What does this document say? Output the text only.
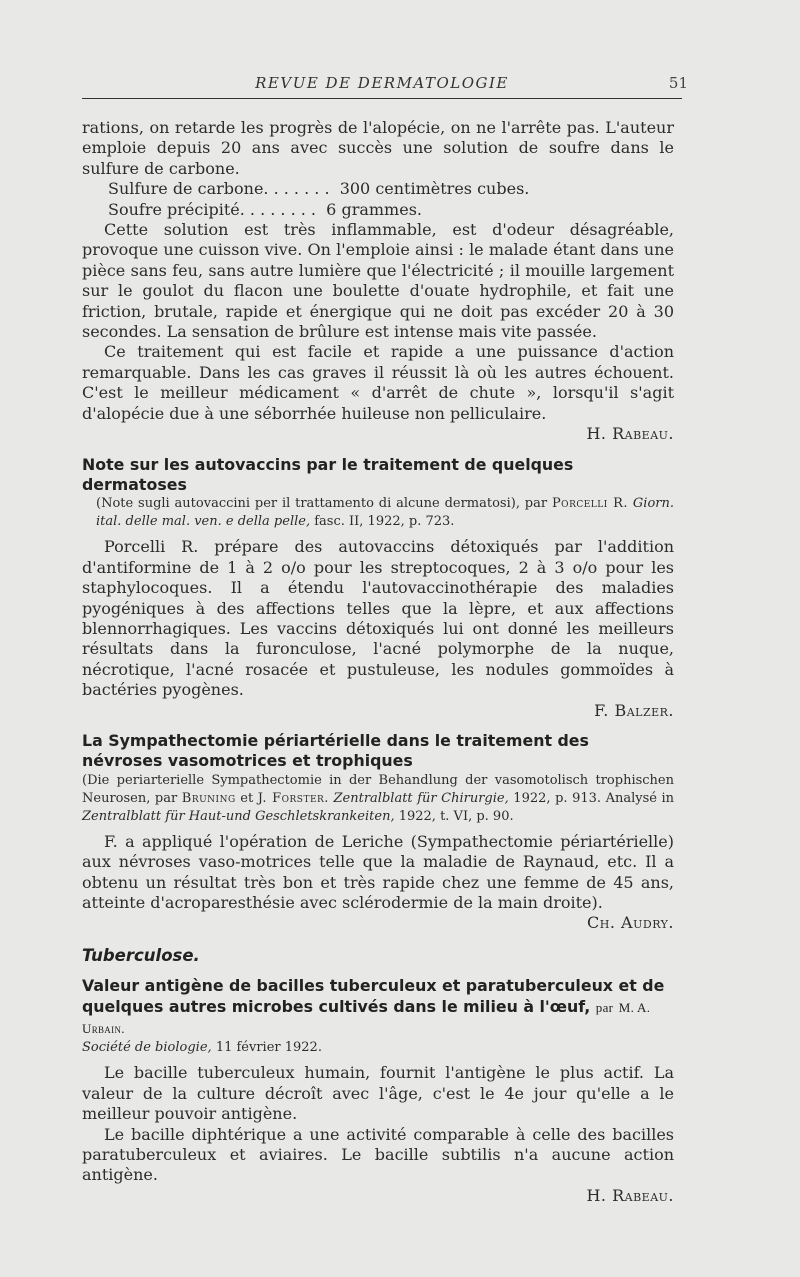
REVUE DE DERMATOLOGIE	51

rations, on retarde les progrès de l'alopécie, on ne l'arrête pas. L'auteur emploie depuis 20 ans avec succès une solution de soufre dans le sulfure de carbone.

Sulfure de carbone. . . . . . .  300 centimètres cubes.

Soufre précipité. . . . . . . .  6 grammes.

Cette solution est très inflammable, est d'odeur désagréable, provoque une cuisson vive. On l'emploie ainsi : le malade étant dans une pièce sans feu, sans autre lumière que l'électricité ; il mouille largement sur le goulot du flacon une boulette d'ouate hydrophile, et fait une friction, brutale, rapide et énergique qui ne doit pas excéder 20 à 30 secondes. La sensation de brûlure est intense mais vite passée.

Ce traitement qui est facile et rapide a une puissance d'action remarquable. Dans les cas graves il réussit là où les autres échouent. C'est le meilleur médicament « d'arrêt de chute », lorsqu'il s'agit d'alopécie due à une séborrhée huileuse non pelliculaire.

H. Rabeau.

Note sur les autovaccins par le traitement de quelques dermatoses
(Note sugli autovaccini per il trattamento di alcune dermatosi), par Porcelli R. Giorn. ital. delle mal. ven. e della pelle, fasc. II, 1922, p. 723.

Porcelli R. prépare des autovaccins détoxiqués par l'addition d'antiformine de 1 à 2 o/o pour les streptocoques, 2 à 3 o/o pour les staphylocoques. Il a étendu l'autovaccinothérapie des maladies pyogéniques à des affections telles que la lèpre, et aux affections blennorrhagiques. Les vaccins détoxiqués lui ont donné les meilleurs résultats dans la furonculose, l'acné polymorphe de la nuque, nécrotique, l'acné rosacée et pustuleuse, les nodules gommoïdes à bactéries pyogènes.

F. Balzer.

La Sympathectomie périartérielle dans le traitement des névroses vasomotrices et trophiques
(Die periarterielle Sympathectomie in der Behandlung der vasomotolisch trophischen Neurosen, par Bruning et J. Forster. Zentralblatt für Chirurgie, 1922, p. 913. Analysé in Zentralblatt für Haut-und Geschletskrankeiten, 1922, t. VI, p. 90.

F. a appliqué l'opération de Leriche (Sympathectomie périartérielle) aux névroses vaso-motrices telle que la maladie de Raynaud, etc. Il a obtenu un résultat très bon et très rapide chez une femme de 45 ans, atteinte d'acroparesthésie avec sclérodermie de la main droite).

Ch. Audry.

Tuberculose.
Valeur antigène de bacilles tuberculeux et paratuberculeux et de quelques autres microbes cultivés dans le milieu à l'œuf, par M. A. Urbain.
Société de biologie, 11 février 1922.

Le bacille tuberculeux humain, fournit l'antigène le plus actif. La valeur de la culture décroît avec l'âge, c'est le 4e jour qu'elle a le meilleur pouvoir antigène.

Le bacille diphtérique a une activité comparable à celle des bacilles paratuberculeux et aviaires. Le bacille subtilis n'a aucune action antigène.

H. Rabeau.
